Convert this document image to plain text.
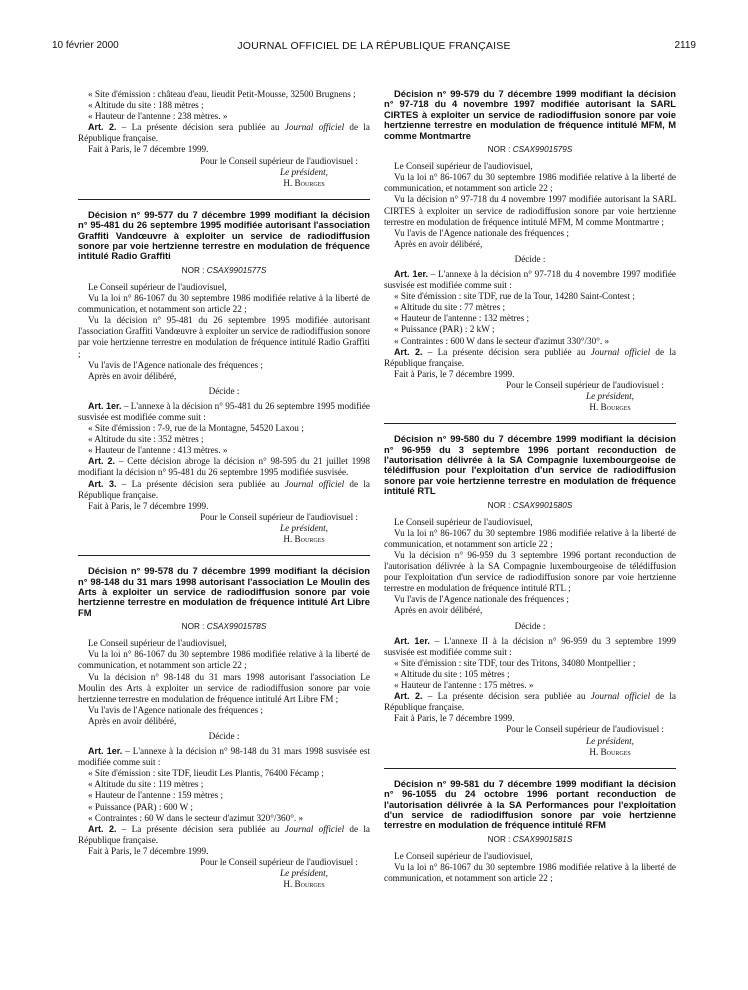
10 février 2000	JOURNAL OFFICIEL DE LA RÉPUBLIQUE FRANÇAISE	2119

« Site d'émission : château d'eau, lieudit Petit-Mousse, 32500 Brugnens ;

« Altitude du site : 188 mètres ;

« Hauteur de l'antenne : 238 mètres. »

Art. 2. – La présente décision sera publiée au Journal officiel de la République française.

Fait à Paris, le 7 décembre 1999.

Pour le Conseil supérieur de l'audiovisuel :

Le président,

H. Bourges

Décision n° 99-577 du 7 décembre 1999 modifiant la décision n° 95-481 du 26 septembre 1995 modifiée autorisant l'association Graffiti Vandœuvre à exploiter un service de radiodiffusion sonore par voie hertzienne terrestre en modulation de fréquence intitulé Radio Graffiti

NOR : CSAX9901577S

Le Conseil supérieur de l'audiovisuel,

Vu la loi n° 86-1067 du 30 septembre 1986 modifiée relative à la liberté de communication, et notamment son article 22 ;

Vu la décision n° 95-481 du 26 septembre 1995 modifiée autorisant l'association Graffiti Vandœuvre à exploiter un service de radiodiffusion sonore par voie hertzienne terrestre en modulation de fréquence intitulé Radio Graffiti ;

Vu l'avis de l'Agence nationale des fréquences ;

Après en avoir délibéré,

Décide :

Art. 1er. – L'annexe à la décision n° 95-481 du 26 septembre 1995 modifiée susvisée est modifiée comme suit :

« Site d'émission : 7-9, rue de la Montagne, 54520 Laxou ;

« Altitude du site : 352 mètres ;

« Hauteur de l'antenne : 413 mètres. »

Art. 2. – Cette décision abroge la décision n° 98-595 du 21 juillet 1998 modifiant la décision n° 95-481 du 26 septembre 1995 modifiée susvisée.

Art. 3. – La présente décision sera publiée au Journal officiel de la République française.

Fait à Paris, le 7 décembre 1999.

Pour le Conseil supérieur de l'audiovisuel :

Le président,

H. Bourges

Décision n° 99-578 du 7 décembre 1999 modifiant la décision n° 98-148 du 31 mars 1998 autorisant l'association Le Moulin des Arts à exploiter un service de radiodiffusion sonore par voie hertzienne terrestre en modulation de fréquence intitulé Art Libre FM

NOR : CSAX9901578S

Le Conseil supérieur de l'audiovisuel,

Vu la loi n° 86-1067 du 30 septembre 1986 modifiée relative à la liberté de communication, et notamment son article 22 ;

Vu la décision n° 98-148 du 31 mars 1998 autorisant l'association Le Moulin des Arts à exploiter un service de radiodiffusion sonore par voie hertzienne terrestre en modulation de fréquence intitulé Art Libre FM ;

Vu l'avis de l'Agence nationale des fréquences ;

Après en avoir délibéré,

Décide :

Art. 1er. – L'annexe à la décision n° 98-148 du 31 mars 1998 susvisée est modifiée comme suit :

« Site d'émission : site TDF, lieudit Les Plantis, 76400 Fécamp ;

« Altitude du site : 119 mètres ;

« Hauteur de l'antenne : 159 mètres ;

« Puissance (PAR) : 600 W ;

« Contraintes : 60 W dans le secteur d'azimut 320°/360°. »

Art. 2. – La présente décision sera publiée au Journal officiel de la République française.

Fait à Paris, le 7 décembre 1999.

Pour le Conseil supérieur de l'audiovisuel :

Le président,

H. Bourges

Décision n° 99-579 du 7 décembre 1999 modifiant la décision n° 97-718 du 4 novembre 1997 modifiée autorisant la SARL CIRTES à exploiter un service de radiodiffusion sonore par voie hertzienne terrestre en modulation de fréquence intitulé MFM, M comme Montmartre

NOR : CSAX9901579S

Le Conseil supérieur de l'audiovisuel,

Vu la loi n° 86-1067 du 30 septembre 1986 modifiée relative à la liberté de communication, et notamment son article 22 ;

Vu la décision n° 97-718 du 4 novembre 1997 modifiée autorisant la SARL CIRTES à exploiter un service de radiodiffusion sonore par voie hertzienne terrestre en modulation de fréquence intitulé MFM, M comme Montmartre ;

Vu l'avis de l'Agence nationale des fréquences ;

Après en avoir délibéré,

Décide :

Art. 1er. – L'annexe à la décision n° 97-718 du 4 novembre 1997 modifiée susvisée est modifiée comme suit :

« Site d'émission : site TDF, rue de la Tour, 14280 Saint-Contest ;

« Altitude du site : 77 mètres ;

« Hauteur de l'antenne : 132 mètres ;

« Puissance (PAR) : 2 kW ;

« Contraintes : 600 W dans le secteur d'azimut 330°/30°. »

Art. 2. – La présente décision sera publiée au Journal officiel de la République française.

Fait à Paris, le 7 décembre 1999.

Pour le Conseil supérieur de l'audiovisuel :

Le président,

H. Bourges

Décision n° 99-580 du 7 décembre 1999 modifiant la décision n° 96-959 du 3 septembre 1996 portant reconduction de l'autorisation délivrée à la SA Compagnie luxembourgeoise de télédiffusion pour l'exploitation d'un service de radiodiffusion sonore par voie hertzienne terrestre en modulation de fréquence intitulé RTL

NOR : CSAX9901580S

Le Conseil supérieur de l'audiovisuel,

Vu la loi n° 86-1067 du 30 septembre 1986 modifiée relative à la liberté de communication, et notamment son article 22 ;

Vu la décision n° 96-959 du 3 septembre 1996 portant reconduction de l'autorisation délivrée à la SA Compagnie luxembourgeoise de télédiffusion pour l'exploitation d'un service de radiodiffusion sonore par voie hertzienne terrestre en modulation de fréquence intitulé RTL ;

Vu l'avis de l'Agence nationale des fréquences ;

Après en avoir délibéré,

Décide :

Art. 1er. – L'annexe II à la décision n° 96-959 du 3 septembre 1999 susvisée est modifiée comme suit :

« Site d'émission : site TDF, tour des Tritons, 34080 Montpellier ;

« Altitude du site : 105 mètres ;

« Hauteur de l'antenne : 175 mètres. »

Art. 2. – La présente décision sera publiée au Journal officiel de la République française.

Fait à Paris, le 7 décembre 1999.

Pour le Conseil supérieur de l'audiovisuel :

Le président,

H. Bourges

Décision n° 99-581 du 7 décembre 1999 modifiant la décision n° 96-1055 du 24 octobre 1996 portant reconduction de l'autorisation délivrée à la SA Performances pour l'exploitation d'un service de radiodiffusion sonore par voie hertzienne terrestre en modulation de fréquence intitulé RFM

NOR : CSAX9901581S

Le Conseil supérieur de l'audiovisuel,

Vu la loi n° 86-1067 du 30 septembre 1986 modifiée relative à la liberté de communication, et notamment son article 22 ;
